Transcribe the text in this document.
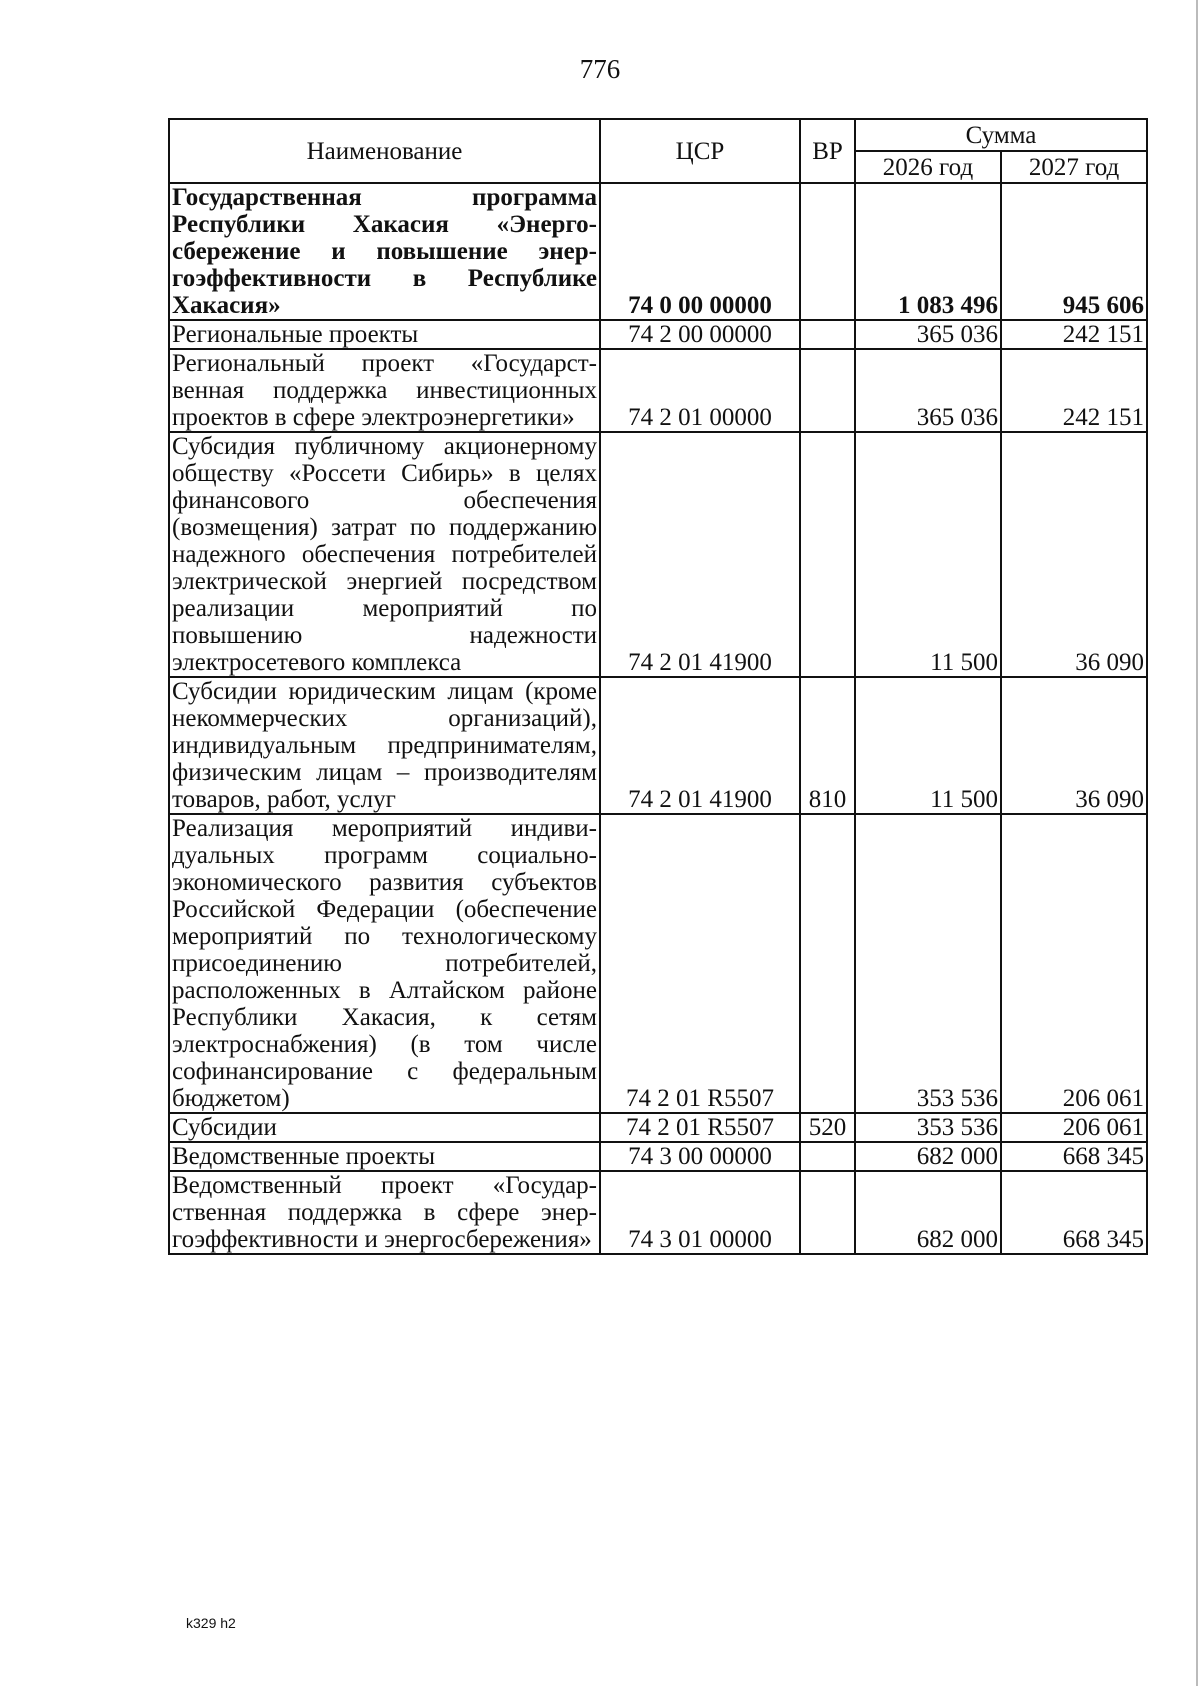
776
Наименование	ЦСР	ВР	Сумма	
			2026 год	2027 год
Государственная программа Республики Хакасия «Энергосбережение и повышение энергоэффективности в Республике Хакасия»	74 0 00 00000		1 083 496	945 606
Региональные проекты	74 2 00 00000		365 036	242 151
Региональный проект «Государственная поддержка инвестиционных проектов в сфере электроэнергетики»	74 2 01 00000		365 036	242 151
Субсидия публичному акционерному обществу «Россети Сибирь» в целях финансового обеспечения (возмещения) затрат по поддержанию надежного обеспечения потребителей электрической энергией посредством реализации мероприятий по повышению надежности электросетевого комплекса	74 2 01 41900		11 500	36 090
Субсидии юридическим лицам (кроме некоммерческих организаций), индивидуальным предпринимателям, физическим лицам – производителям товаров, работ, услуг	74 2 01 41900	810	11 500	36 090
Реализация мероприятий индивидуальных программ социально-экономического развития субъектов Российской Федерации (обеспечение мероприятий по технологическому присоединению потребителей, расположенных в Алтайском районе Республики Хакасия, к сетям электроснабжения) (в том числе софинансирование с федеральным бюджетом)	74 2 01 R5507		353 536	206 061
Субсидии	74 2 01 R5507	520	353 536	206 061
Ведомственные проекты	74 3 00 00000		682 000	668 345
Ведомственный проект «Государственная поддержка в сфере энергоэффективности и энергосбережения»	74 3 01 00000		682 000	668 345
k329 h2
